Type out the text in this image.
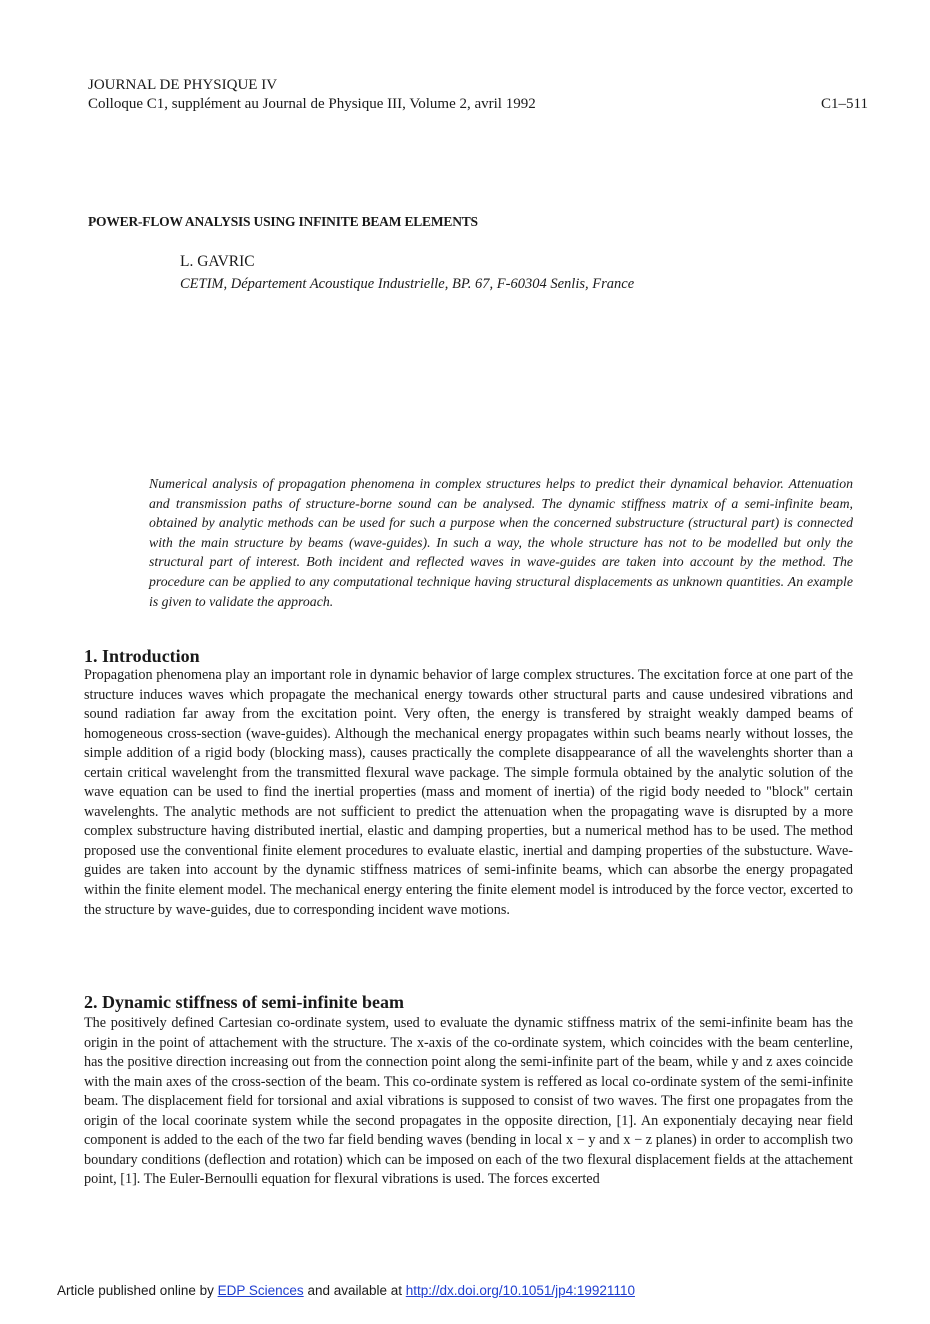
JOURNAL DE PHYSIQUE IV
Colloque C1, supplément au Journal de Physique III, Volume 2, avril 1992	C1–511
POWER-FLOW ANALYSIS USING INFINITE BEAM ELEMENTS
L. GAVRIC
CETIM, Département Acoustique Industrielle, BP. 67, F-60304 Senlis, France
Numerical analysis of propagation phenomena in complex structures helps to predict their dynamical behavior. Attenuation and transmission paths of structure-borne sound can be analysed. The dynamic stiffness matrix of a semi-infinite beam, obtained by analytic methods can be used for such a purpose when the concerned substructure (structural part) is connected with the main structure by beams (wave-guides). In such a way, the whole structure has not to be modelled but only the structural part of interest. Both incident and reflected waves in wave-guides are taken into account by the method. The procedure can be applied to any computational technique having structural displacements as unknown quantities. An example is given to validate the approach.
1. Introduction
Propagation phenomena play an important role in dynamic behavior of large complex structures. The excitation force at one part of the structure induces waves which propagate the mechanical energy towards other structural parts and cause undesired vibrations and sound radiation far away from the excitation point. Very often, the energy is transfered by straight weakly damped beams of homogeneous cross-section (wave-guides). Although the mechanical energy propagates within such beams nearly without losses, the simple addition of a rigid body (blocking mass), causes practically the complete disappearance of all the wavelenghts shorter than a certain critical wavelenght from the transmitted flexural wave package. The simple formula obtained by the analytic solution of the wave equation can be used to find the inertial properties (mass and moment of inertia) of the rigid body needed to "block" certain wavelenghts. The analytic methods are not sufficient to predict the attenuation when the propagating wave is disrupted by a more complex substructure having distributed inertial, elastic and damping properties, but a numerical method has to be used. The method proposed use the conventional finite element procedures to evaluate elastic, inertial and damping properties of the substucture. Wave-guides are taken into account by the dynamic stiffness matrices of semi-infinite beams, which can absorbe the energy propagated within the finite element model. The mechanical energy entering the finite element model is introduced by the force vector, excerted to the structure by wave-guides, due to corresponding incident wave motions.
2. Dynamic stiffness of semi-infinite beam
The positively defined Cartesian co-ordinate system, used to evaluate the dynamic stiffness matrix of the semi-infinite beam has the origin in the point of attachement with the structure. The x-axis of the co-ordinate system, which coincides with the beam centerline, has the positive direction increasing out from the connection point along the semi-infinite part of the beam, while y and z axes coincide with the main axes of the cross-section of the beam. This co-ordinate system is reffered as local co-ordinate system of the semi-infinite beam. The displacement field for torsional and axial vibrations is supposed to consist of two waves. The first one propagates from the origin of the local coorinate system while the second propagates in the opposite direction, [1]. An exponentialy decaying near field component is added to the each of the two far field bending waves (bending in local x − y and x − z planes) in order to accomplish two boundary conditions (deflection and rotation) which can be imposed on each of the two flexural displacement fields at the attachement point, [1]. The Euler-Bernoulli equation for flexural vibrations is used. The forces excerted
Article published online by EDP Sciences and available at http://dx.doi.org/10.1051/jp4:19921110
